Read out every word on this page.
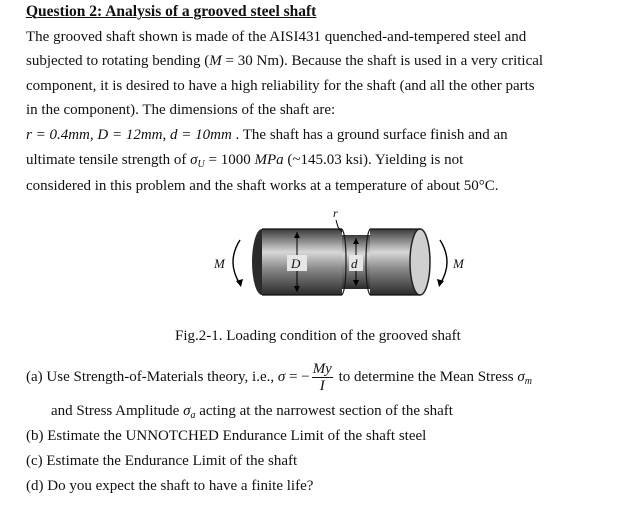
Question 2: Analysis of a grooved steel shaft
The grooved shaft shown is made of the AISI431 quenched-and-tempered steel and
subjected to rotating bending (M = 30 Nm). Because the shaft is used in a very critical
component, it is desired to have a high reliability for the shaft (and all the other parts
in the component). The dimensions of the shaft are:
r = 0.4mm, D = 12mm, d = 10mm . The shaft has a ground surface finish and an
ultimate tensile strength of $\sigma_U = 1000$ MPa (~145.03 ksi). Yielding is not
considered in this problem and the shaft works at a temperature of about 50°C.
D	d
r
M	M
Fig.2-1. Loading condition of the grooved shaft
(a) Use Strength-of-Materials theory, i.e., σ = − $\frac{My}{I}$ to determine the Mean Stress $\sigma_m$
and Stress Amplitude $\sigma_a$ acting at the narrowest section of the shaft
(b) Estimate the UNNOTCHED Endurance Limit of the shaft steel
(c) Estimate the Endurance Limit of the shaft
(d) Do you expect the shaft to have a finite life?
